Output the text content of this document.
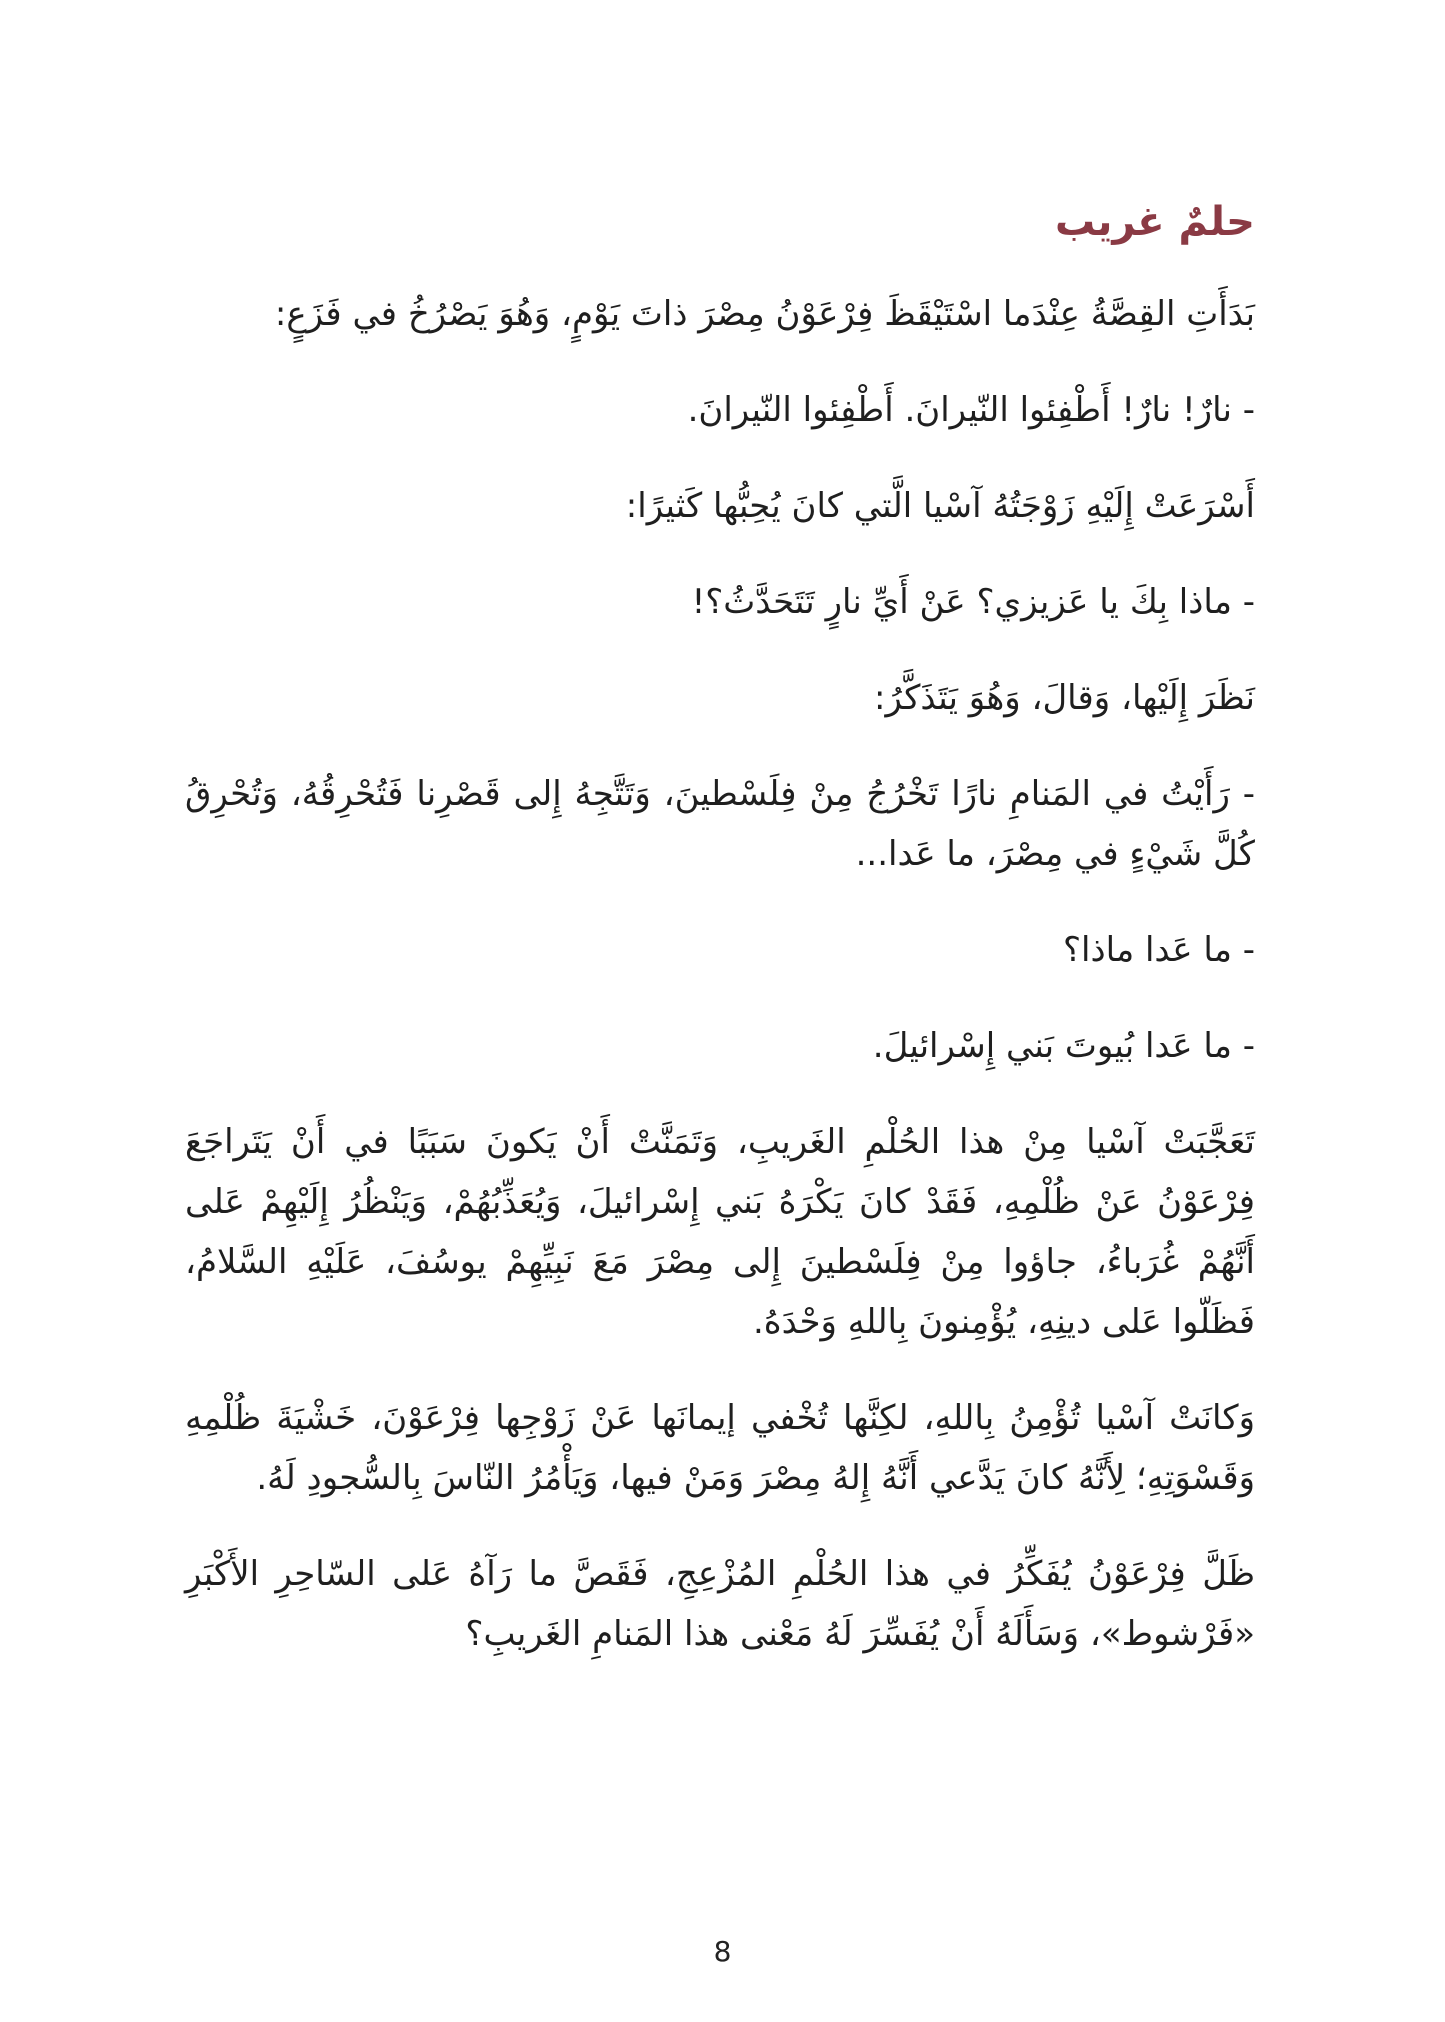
حلمٌ غريب

بَدَأَتِ القِصَّةُ عِنْدَما اسْتَيْقَظَ فِرْعَوْنُ مِصْرَ ذاتَ يَوْمٍ، وَهُوَ يَصْرُخُ في فَزَعٍ:

- نارٌ! نارٌ! أَطْفِئوا النّيرانَ. أَطْفِئوا النّيرانَ.

أَسْرَعَتْ إِلَيْهِ زَوْجَتُهُ آسْيا الَّتي كانَ يُحِبُّها كَثيرًا:

- ماذا بِكَ يا عَزيزي؟ عَنْ أَيِّ نارٍ تَتَحَدَّثُ؟!

نَظَرَ إِلَيْها، وَقالَ، وَهُوَ يَتَذَكَّرُ:

- رَأَيْتُ في المَنامِ نارًا تَخْرُجُ مِنْ فِلَسْطينَ، وَتَتَّجِهُ إِلى قَصْرِنا فَتُحْرِقُهُ، وَتُحْرِقُ كُلَّ شَيْءٍ في مِصْرَ، ما عَدا...

- ما عَدا ماذا؟

- ما عَدا بُيوتَ بَني إِسْرائيلَ.

تَعَجَّبَتْ آسْيا مِنْ هذا الحُلْمِ الغَريبِ، وَتَمَنَّتْ أَنْ يَكونَ سَبَبًا في أَنْ يَتَراجَعَ فِرْعَوْنُ عَنْ ظُلْمِهِ، فَقَدْ كانَ يَكْرَهُ بَني إِسْرائيلَ، وَيُعَذِّبُهُمْ، وَيَنْظُرُ إِلَيْهِمْ عَلى أَنَّهُمْ غُرَباءُ، جاؤوا مِنْ فِلَسْطينَ إِلى مِصْرَ مَعَ نَبِيِّهِمْ يوسُفَ، عَلَيْهِ السَّلامُ، فَظَلّوا عَلى دينِهِ، يُؤْمِنونَ بِاللهِ وَحْدَهُ.

وَكانَتْ آسْيا تُؤْمِنُ بِاللهِ، لكِنَّها تُخْفي إيمانَها عَنْ زَوْجِها فِرْعَوْنَ، خَشْيَةَ ظُلْمِهِ وَقَسْوَتِهِ؛ لِأَنَّهُ كانَ يَدَّعي أَنَّهُ إِلهُ مِصْرَ وَمَنْ فيها، وَيَأْمُرُ النّاسَ بِالسُّجودِ لَهُ.

ظَلَّ فِرْعَوْنُ يُفَكِّرُ في هذا الحُلْمِ المُزْعِجِ، فَقَصَّ ما رَآهُ عَلى السّاحِرِ الأَكْبَرِ «فَرْشوط»، وَسَأَلَهُ أَنْ يُفَسِّرَ لَهُ مَعْنى هذا المَنامِ الغَريبِ؟

8
